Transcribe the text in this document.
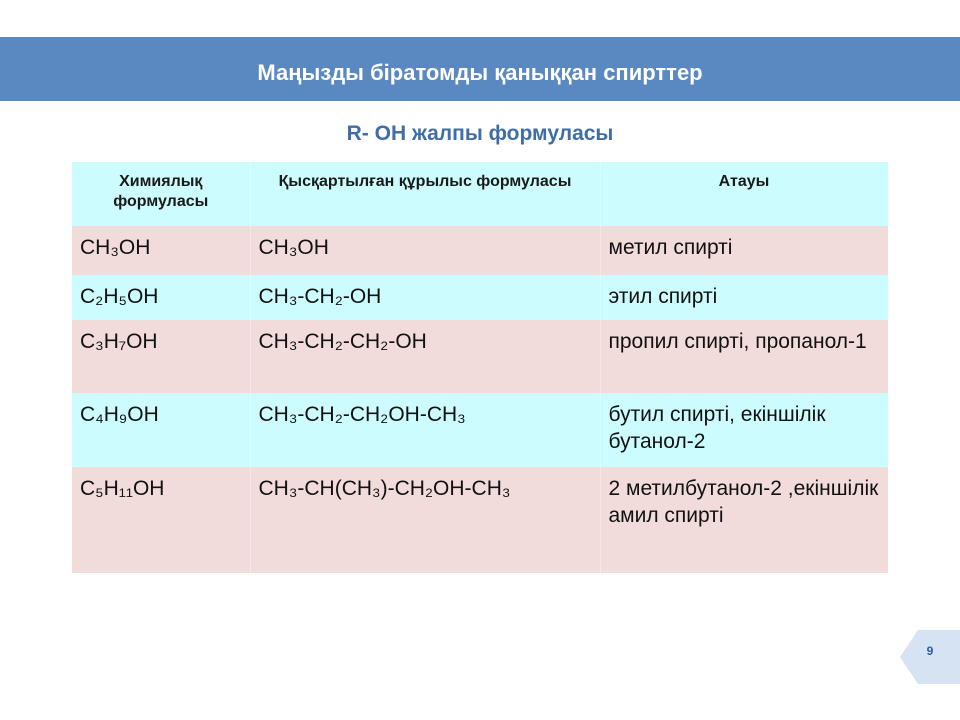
Маңызды біратомды қаныққан спирттер
R- OH жалпы формуласы
Химиялық формуласы	Қысқартылған құрылыс формуласы	Атауы
CH₃OH	CH₃OH	метил спирті
C₂H₅OH	CH₃-CH₂-OH	этил спирті
C₃H₇OH	CH₃-CH₂-CH₂-OH	пропил спирті, пропанол-1
C₄H₉OH	CH₃-CH₂-CH₂OH-CH₃	бутил спирті, екіншілік бутанол-2
C₅H₁₁OH	CH₃-CH(CH₃)-CH₂OH-CH₃	2 метилбутанол-2 ,екіншілік амил спирті
9
